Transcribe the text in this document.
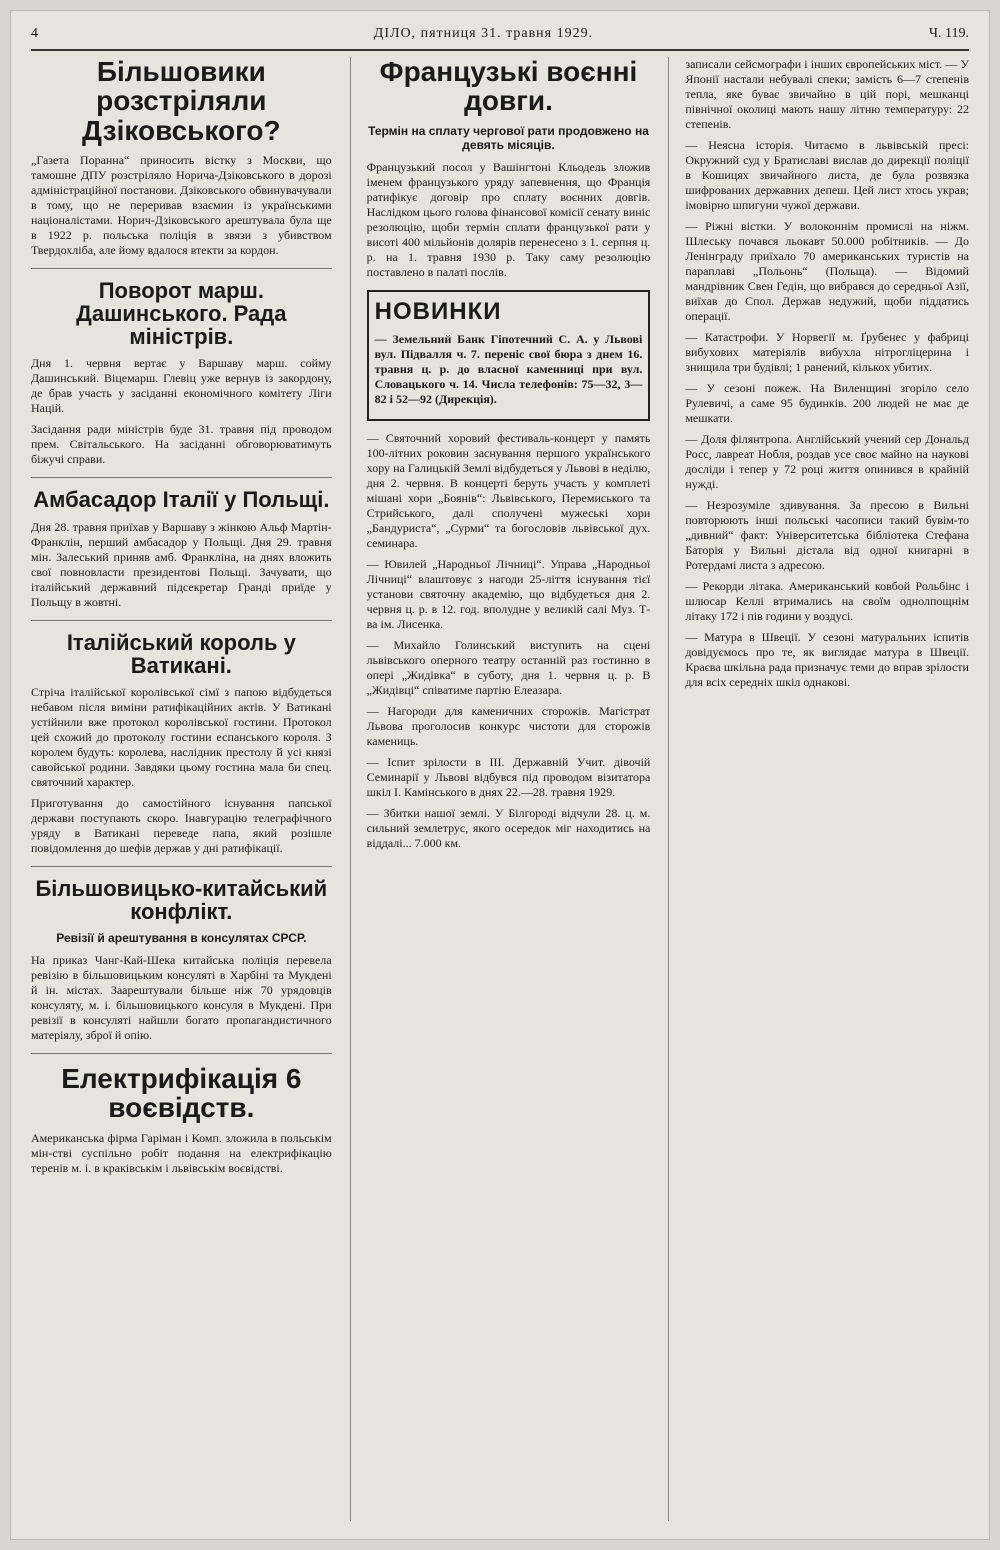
4	ДІЛО, пятниця 31. травня 1929.	Ч. 119.
Більшовики розстріляли Дзіковського?

„Газета Поранна“ приносить вістку з Москви, що тамошне ДПУ розстріляло Норича-Дзіковського в дорозі адміністраційної постанови. Дзіковського обвинувачували в тому, що не переривав взаємин із українськими націоналістами. Норич-Дзіковського арештувала була ще в 1922 р. польська поліція в звязи з убивством Твердохліба, але йому вдалося втекти за кордон.

Поворот марш. Дашинського. Рада міністрів.

Дня 1. червня вертає у Варшаву марш. сойму Дашинський. Віцемарш. Глевіц уже вернув із закордону, де брав участь у засіданні економічного комітету Ліги Націй.

Засідання ради міністрів буде 31. травня під проводом прем. Світальського. На засіданні обговорюватимуть біжучі справи.

Амбасадор Італії у Польщі.

Дня 28. травня приїхав у Варшаву з жінкою Альф Мартін-Франклін, перший амбасадор у Польщі. Дня 29. травня мін. Залеський приняв амб. Франкліна, на днях вложить свої повновласти президентові Польщі. Зачувати, що італійський державний підсекретар Гранді приїде у Польщу в жовтні.

Італійський король у Ватикані.

Стріча італійської королівської сімї з папою відбудеться небавом після виміни ратифікаційних актів. У Ватикані устійнили вже протокол королівської гостини. Протокол цей схожий до протоколу гостини еспанського короля. З королем будуть: королева, наслідник престолу й усі князі савойської родини. Завдяки цьому гостина мала би спец. святочний характер.

Приготування до самостійного існування папської держави поступають скоро. Інавгурацію телеграфічного уряду в Ватикані переведе папа, який розішле повідомлення до шефів держав у дні ратифікації.

Більшовицько-китайський конфлікт.
Ревізії й арештування в консулятах СРСР.

На приказ Чанг-Кай-Шека китайська поліція перевела ревізію в більшовицьким консуляті в Харбіні та Мукдені й ін. містах. Заарештували більше ніж 70 урядовців консуляту, м. і. більшовицького консуля в Мукдені. При ревізії в консуляті найшли богато пропагандистичного матеріялу, зброї й опію.

Електрифікація 6 воєвідств.

Американська фірма Гаріман і Комп. зложила в польськім мін-стві суспільно робіт подання на електрифікацію теренів м. і. в краківськім і львівськім воєвідстві.

Французькі воєнні довги.
Термін на сплату чергової рати продовжено на девять місяців.

Французький посол у Вашінгтоні Кльодель зложив іменем французького уряду запевнення, що Франція ратифікує договір про сплату воєнних довгів. Наслідком цього голова фінансової комісії сенату виніс резолюцію, щоби термін сплати французької рати у висоті 400 мільйонів долярів перенесено з 1. серпня ц. р. на 1. травня 1930 р. Таку саму резолюцію поставлено в палаті послів.

НОВИНКИ

— Земельний Банк Гіпотечний С. А. у Львові вул. Підвалля ч. 7. переніс свої бюра з днем 16. травня ц. р. до власної каменниці при вул. Словацького ч. 14. Числа телефонів: 75—32, 3—82 і 52—92 (Дирекція).

— Святочний хоровий фестиваль-концерт у память 100-літних роковин заснування першого українського хору на Галицькій Землі відбудеться у Львові в неділю, дня 2. червня. В концерті беруть участь у комплеті мішані хори „Боянів“: Львівського, Перемиського та Стрийського, далі сполучені мужеські хори „Бандуриста“, „Сурми“ та богословів львівської дух. семинара.

— Ювилей „Народньої Лічниці“. Управа „Народньої Лічниці“ влаштовує з нагоди 25-ліття існування тієї установи святочну академію, що відбудеться дня 2. червня ц. р. в 12. год. вполудне у великій салі Муз. Т-ва ім. Лисенка.

— Михайло Голинський виступить на сцені львівського оперного театру останній раз гостинно в опері „Жидівка“ в суботу, дня 1. червня ц. р. В „Жидівці“ співатиме партію Елеазара.

— Нагороди для каменичних сторожів. Магістрат Львова проголосив конкурс чистоти для сторожів камениць.

— Іспит зрілости в III. Державній Учит. дівочій Семинарії у Львові відбувся під проводом візитатора шкіл І. Камінського в днях 22.—28. травня 1929.

— Збитки нашої землі. У Білгороді відчули 28. ц. м. сильний землетрус, якого осередок міг находитись на віддалі... 7.000 км.

записали сейсмографи і інших європейських міст. — У Японії настали небувалі спеки; замість 6—7 степенів тепла, яке буває звичайно в цій порі, мешканці північної околиці мають нашу літню температуру: 22 степенів.

— Неясна історія. Читаємо в львівській пресі: Окружний суд у Братиславі вислав до дирекції поліції в Кошицях звичайного листа, де була розвязка шифрованих державних депеш. Цей лист хтось украв; імовірно шпигуни чужої держави.

— Ріжні вістки. У волоконнім промислі на ніжм. Шлеську почався льокавт 50.000 робітників. — До Ленінграду приїхало 70 американських туристів на параплаві „Польонь“ (Польща). — Відомий мандрівник Свен Гедін, що вибрався до середньої Азії, виїхав до Спол. Держав недужий, щоби піддатись операції.

— Катастрофи. У Норвегії м. Ґрубенес у фабриці вибухових матеріялів вибухла нітрогліцерина і знищила три будівлі; 1 ранений, кількох убитих.

— У сезоні пожеж. На Виленщині згоріло село Рулевичі, а саме 95 будинків. 200 людей не має де мешкати.

— Доля філянтропа. Англійський учений сер Дональд Росс, лавреат Нобля, роздав усе своє майно на наукові досліди і тепер у 72 році життя опинився в крайній нужді.

— Незрозуміле здивування. За пресою в Вильні повторюють інші польські часописи такий бувім-то „дивний“ факт: Університетська бібліотека Стефана Баторія у Вильні дістала від одної книгарні в Ротердамі листа з адресою.

— Рекорди літака. Американський ковбой Рольбінс і шлюсар Келлі втримались на своїм однолпощнім літаку 172 і пів години у воздусі.

— Матура в Швеції. У сезоні матуральних іспитів довідуємось про те, як виглядає матура в Швеції. Крaєва шкільна рада призначує теми до вправ зрілости для всіх середніх шкіл однакові.
